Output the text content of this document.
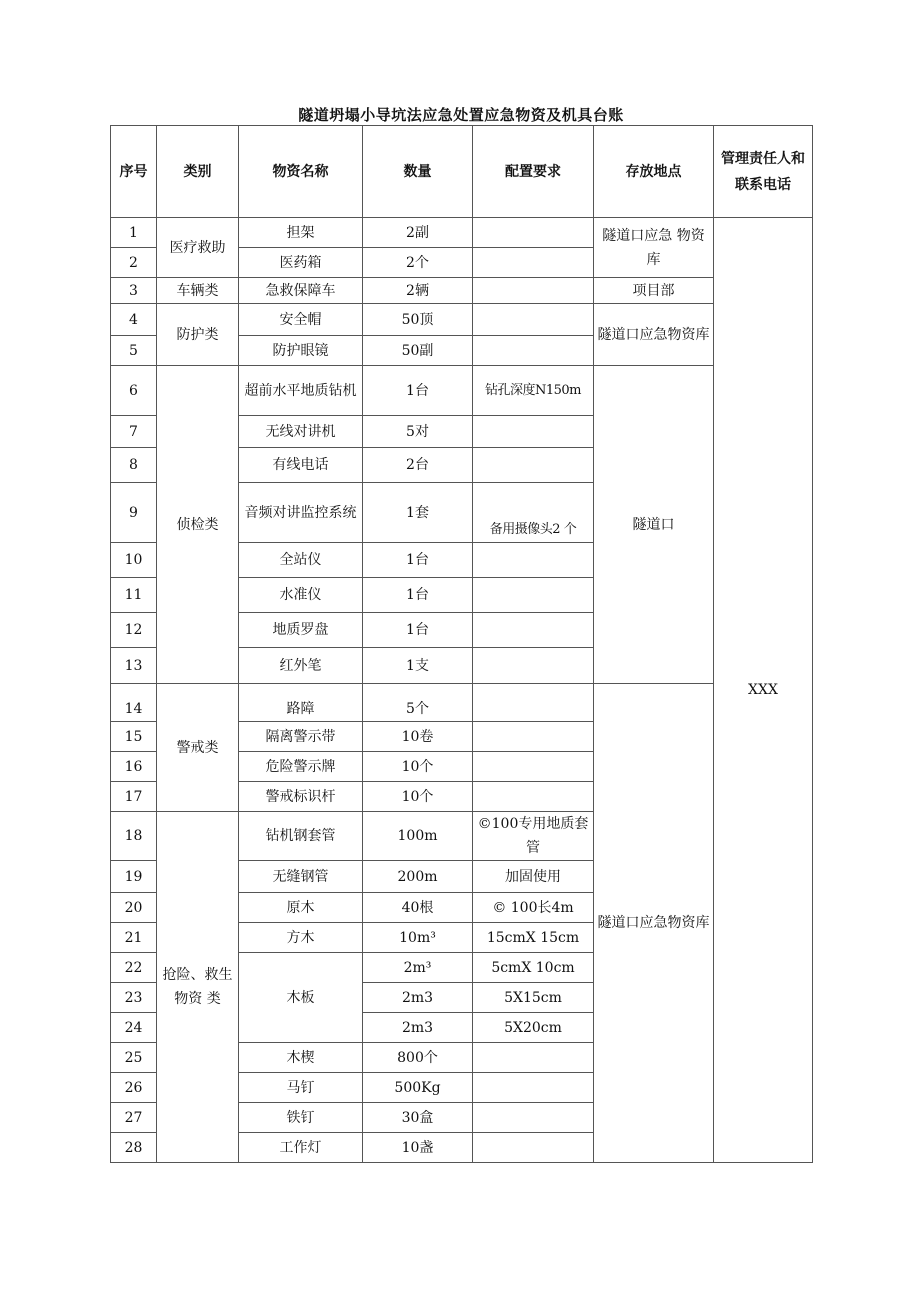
隧道坍塌小导坑法应急处置应急物资及机具台账
序号	类别	物资名称	数量	配置要求	存放地点	管理责任人和联系电话
1	医疗救助	担架	2副		隧道口应急 物资库	XXX
2		医药箱	2个			
3	车辆类	急救保障车	2辆		项目部	
4	防护类	安全帽	50顶		隧道口应急物资库	
5		防护眼镜	50副			
6	侦检类	超前水平地质钻机	1台	钻孔深度N150m	隧道口	
7		无线对讲机	5对			
8		有线电话	2台			
9		音频对讲监控系统	1套	备用摄像头2 个		
10		全站仪	1台			
11		水准仪	1台			
12		地质罗盘	1台			
13		红外笔	1支			
14	警戒类	路障	5个		隧道口应急物资库	
15		隔离警示带	10卷			
16		危险警示牌	10个			
17		警戒标识杆	10个			
18	抢险、救生物资 类	钻机钢套管	100m	©100专用地质套管		
19		无缝钢管	200m	加固使用		
20		原木	40根	© 100长4m		
21		方木	10m³	15cmX 15cm		
22		木板	2m³	5cmX 10cm		
23			2m3	5X15cm		
24			2m3	5X20cm		
25		木楔	800个			
26		马钉	500Kg			
27		铁钉	30盒			
28		工作灯	10盏			
